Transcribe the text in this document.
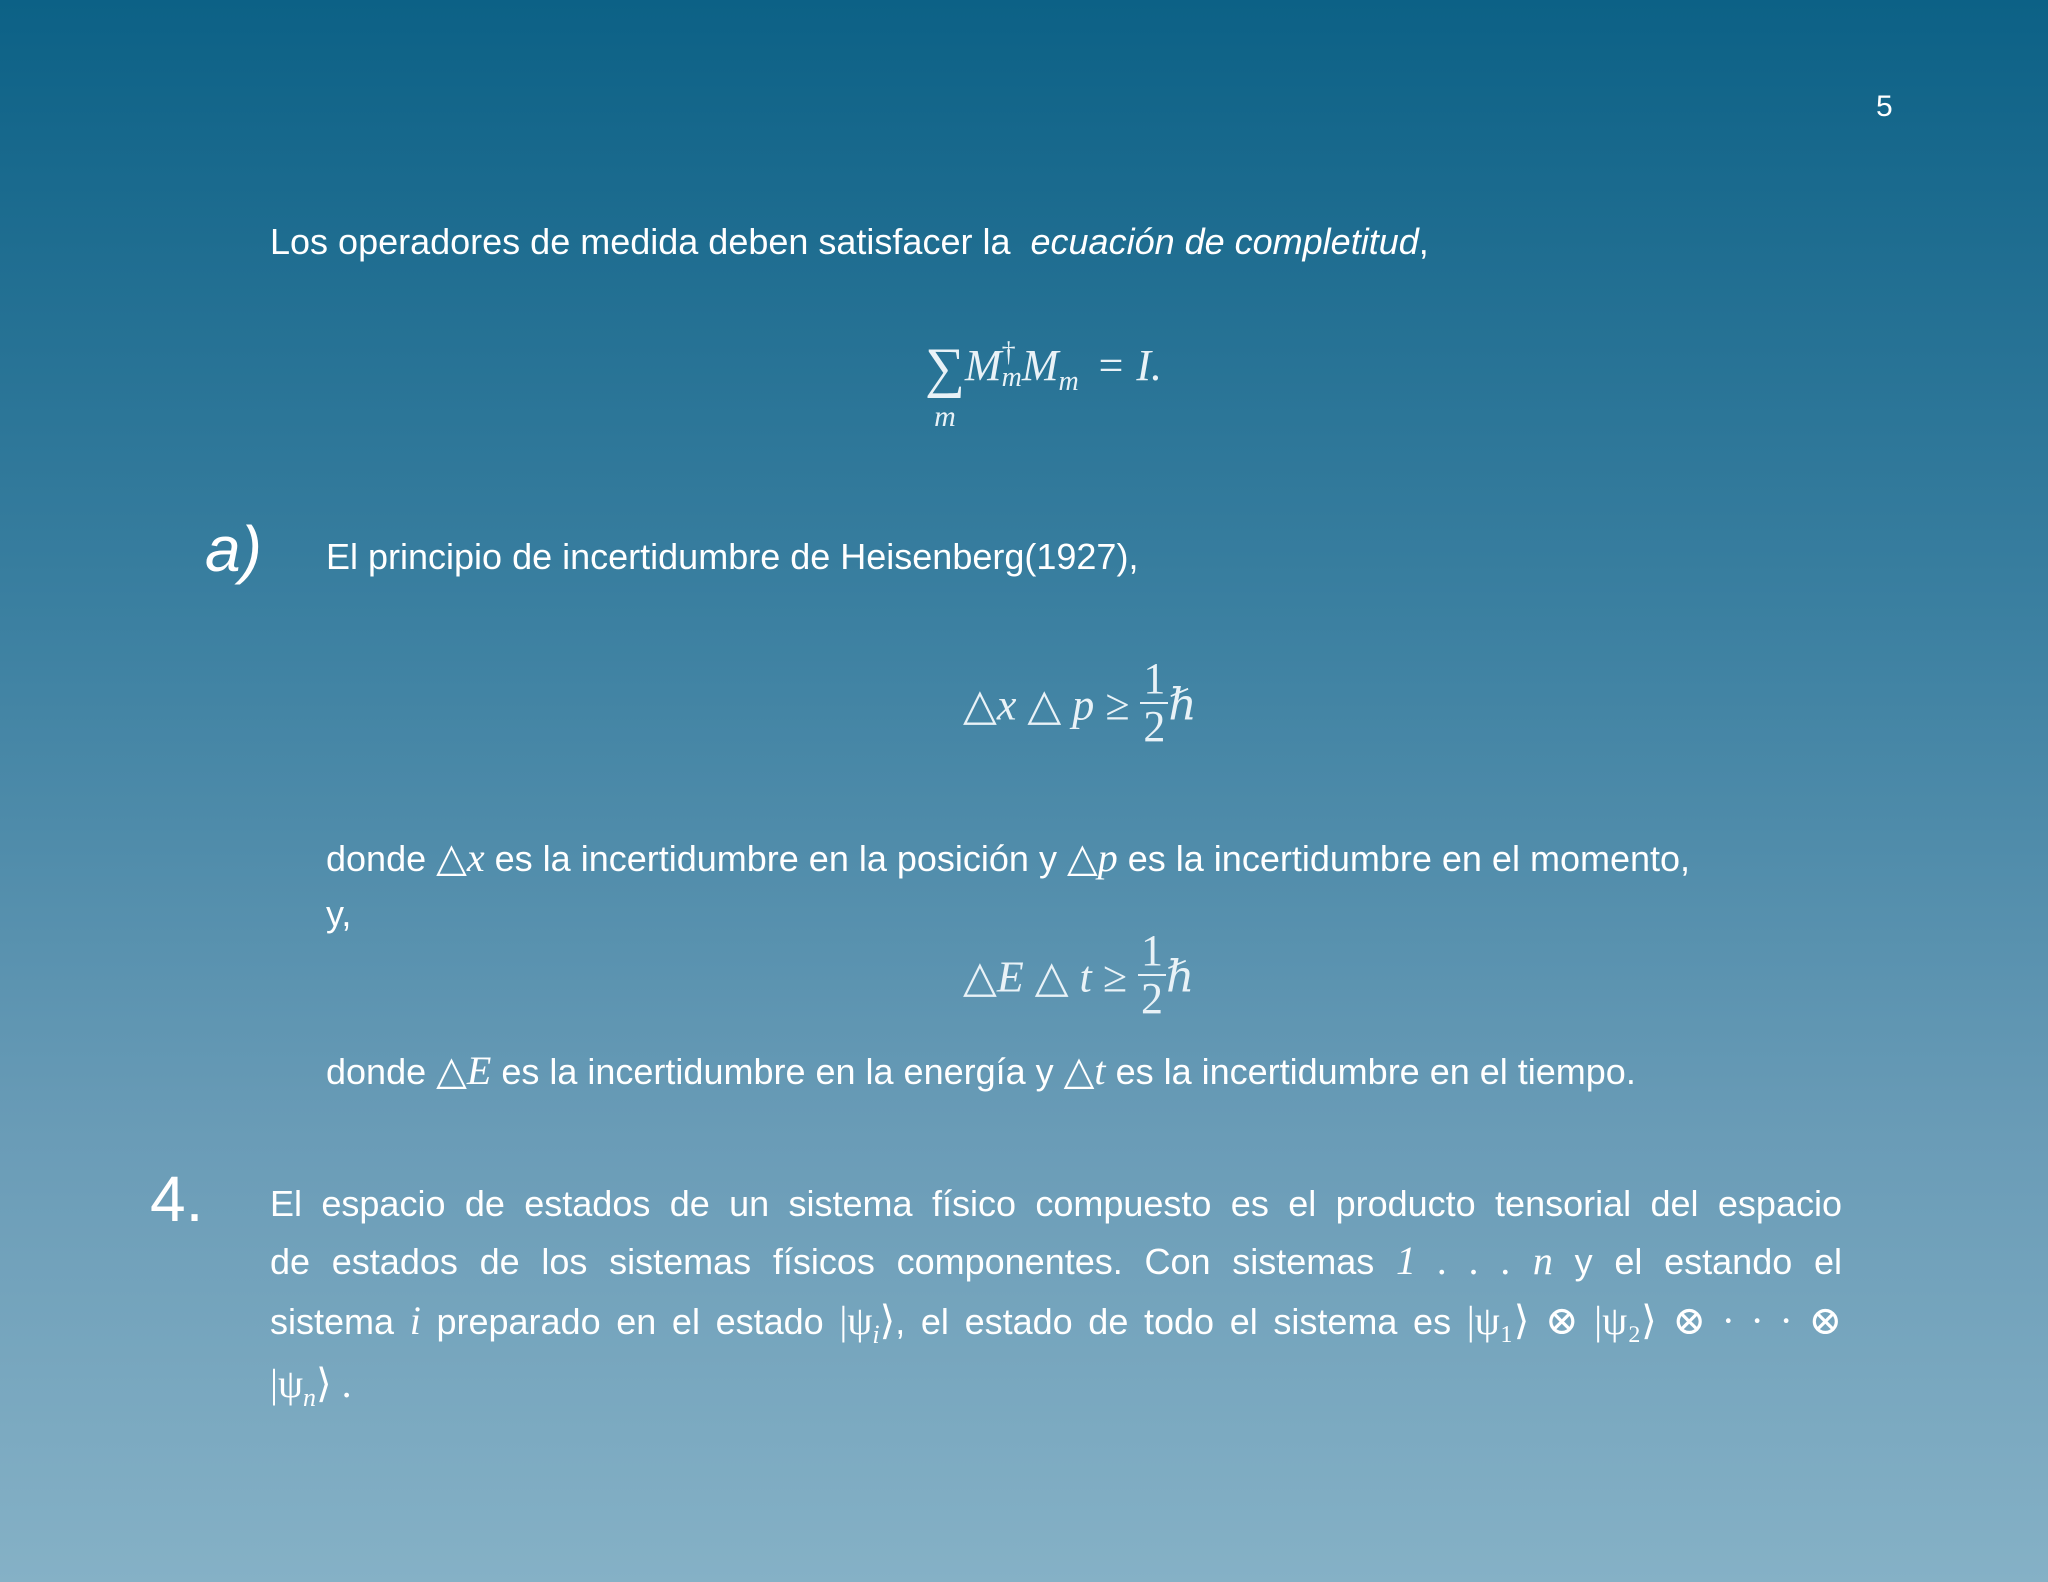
5
Los operadores de medida deben satisfacer la ecuación de completitud,
∑
m
M †
m $M_m = I$.
a) El principio de incertidumbre de Heisenberg(1927),
△x △ $p \ge \frac{1}{2}$ ℏ
donde △x es la incertidumbre en la posición y △p es la incertidumbre en el momento,
y,
△E △ $t \ge \frac{1}{2}$ ℏ
donde △E es la incertidumbre en la energía y △t es la incertidumbre en el tiempo.
4. El espacio de estados de un sistema físico compuesto es el producto tensorial del espacio
de estados de los sistemas físicos componentes. Con sistemas 1 . . . n y el estando el
sistema i preparado en el estado $|\psi_i⟩$, el estado de todo el sistema es |ψ₁⟩ ⊗ |ψ₂⟩ ⊗ · · · ⊗
$|\psi_n⟩$ .
